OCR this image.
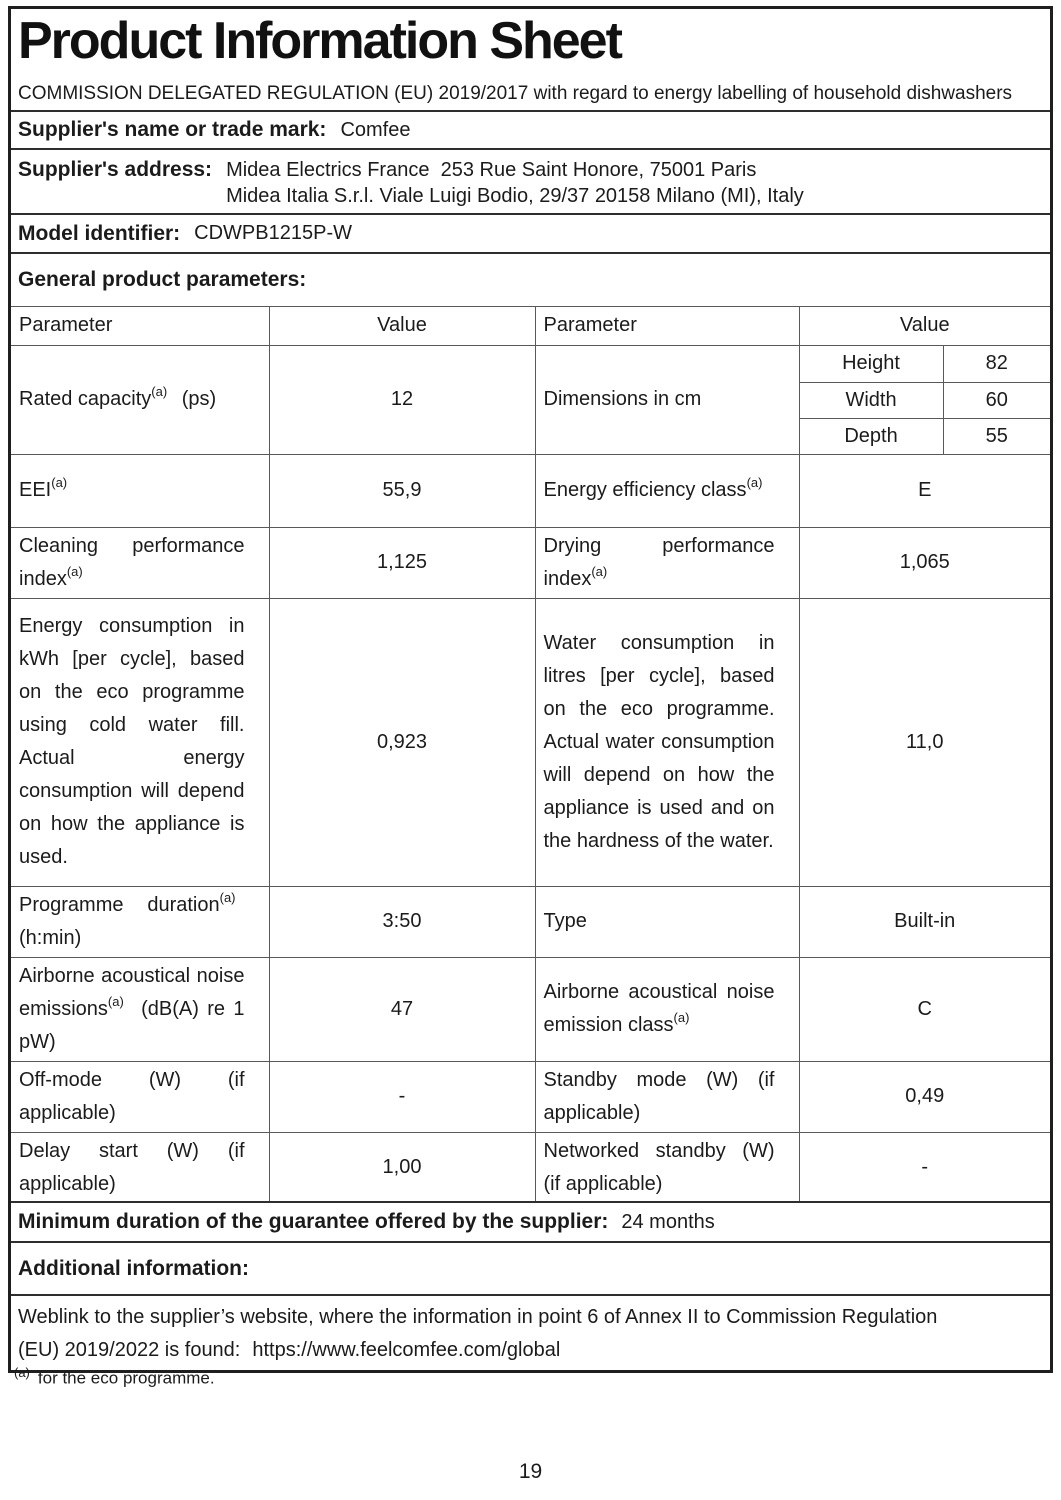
Product Information Sheet
COMMISSION DELEGATED REGULATION (EU) 2019/2017 with regard to energy labelling of household dishwashers
Supplier's name or trade mark: Comfee
Supplier's address: Midea Electrics France  253 Rue Saint Honore, 75001 Paris
Midea Italia S.r.l. Viale Luigi Bodio, 29/37 20158 Milano (MI), Italy
Model identifier: CDWPB1215P-W
General product parameters:
Parameter	Value	Parameter	Value
Rated capacity$^{(a)}$ (ps)	12	Dimensions in cm	
Height	82
Width	60
Depth	55

EEI$^{(a)}$	55,9	Energy efficiency class$^{(a)}$	E
Cleaning performance index$^{(a)}$	1,125	Drying performance index$^{(a)}$	1,065
Energy consumption in kWh [per cycle], based on the eco programme using cold water fill. Actual energy consumption will depend on how the appliance is used.	0,923	Water consumption in litres [per cycle], based on the eco programme. Actual water consumption will depend on how the appliance is used and on the hardness of the water.	11,0
Programme duration$^{(a)}$ (h:min)	3:50	Type	Built-in
Airborne acoustical noise emissions$^{(a)}$ (dB(A) re 1 pW)	47	Airborne acoustical noise emission class$^{(a)}$	C
Off-mode (W) (if applicable)	-	Standby mode (W) (if applicable)	0,49
Delay start (W) (if applicable)	1,00	Networked standby (W) (if applicable)	-
Minimum duration of the guarantee offered by the supplier: 24 months
Additional information:
Weblink to the supplier’s website, where the information in point 6 of Annex II to Commission Regulation (EU) 2019/2022 is found: https://www.feelcomfee.com/global
$^{(a)}$ for the eco programme.
19
